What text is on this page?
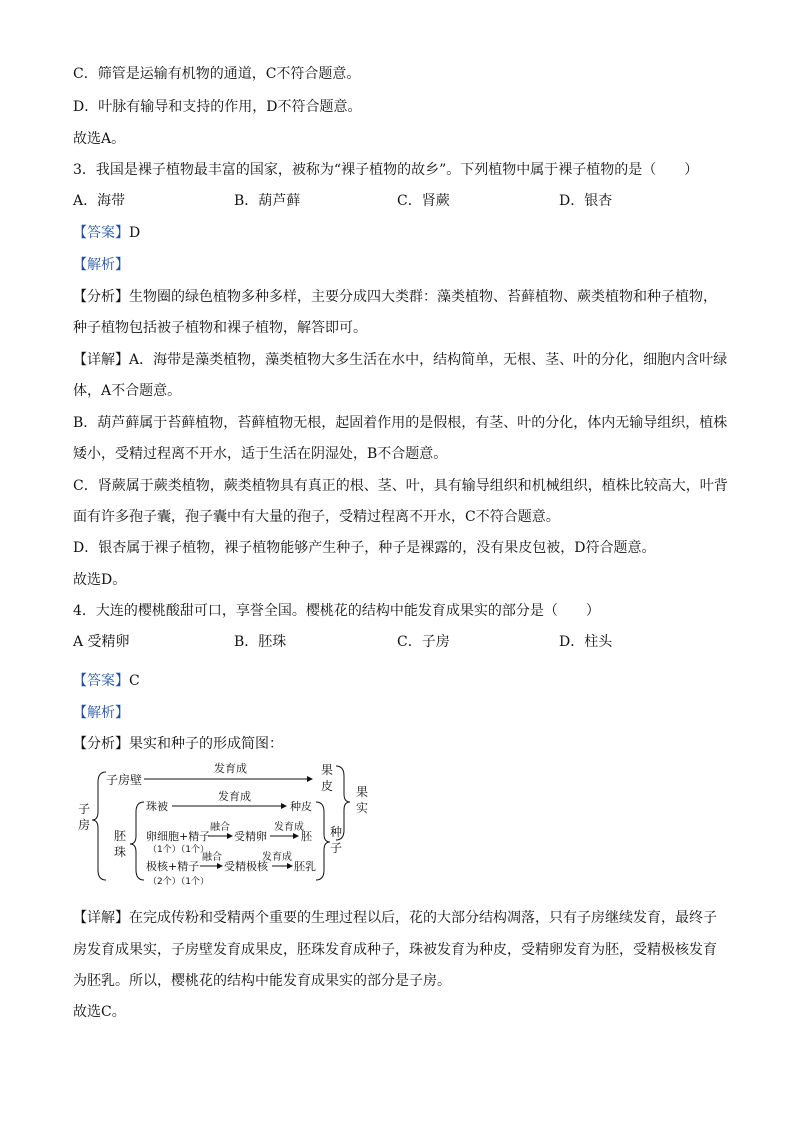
C．筛管是运输有机物的通道，C不符合题意。
D．叶脉有输导和支持的作用，D不符合题意。
故选A。
3．我国是裸子植物最丰富的国家，被称为“裸子植物的故乡”。下列植物中属于裸子植物的是（　　）
A．海带	B．葫芦藓	C．肾蕨	D．银杏
【答案】D
【解析】
【分析】生物圈的绿色植物多种多样，主要分成四大类群：藻类植物、苔藓植物、蕨类植物和种子植物，
种子植物包括被子植物和裸子植物，解答即可。
【详解】A．海带是藻类植物，藻类植物大多生活在水中，结构简单，无根、茎、叶的分化，细胞内含叶绿
体，A不合题意。
B．葫芦藓属于苔藓植物，苔藓植物无根，起固着作用的是假根，有茎、叶的分化，体内无输导组织，植株
矮小，受精过程离不开水，适于生活在阴湿处，B不合题意。
C．肾蕨属于蕨类植物，蕨类植物具有真正的根、茎、叶，具有输导组织和机械组织，植株比较高大，叶背
面有许多孢子囊，孢子囊中有大量的孢子，受精过程离不开水，C不符合题意。
D．银杏属于裸子植物，裸子植物能够产生种子，种子是裸露的，没有果皮包被，D符合题意。
故选D。
4．大连的樱桃酸甜可口，享誉全国。樱桃花的结构中能发育成果实的部分是（　　）
A 受精卵	B．胚珠	C．子房	D．柱头
【答案】C
【解析】
【分析】果实和种子的形成简图：
子
房
子房壁
发育成	果
皮 果
实
胚
珠
珠被
发育成
种皮
卵细胞+精子
融合
受精卵
发育成
胚
（1个）（1个）
极核+精子
融合
受精极核
发育成
胚乳
（2个）（1个）
种
子
【详解】在完成传粉和受精两个重要的生理过程以后，花的大部分结构凋落，只有子房继续发育，最终子
房发育成果实，子房壁发育成果皮，胚珠发育成种子，珠被发育为种皮，受精卵发育为胚，受精极核发育
为胚乳。所以，樱桃花的结构中能发育成果实的部分是子房。
故选C。
